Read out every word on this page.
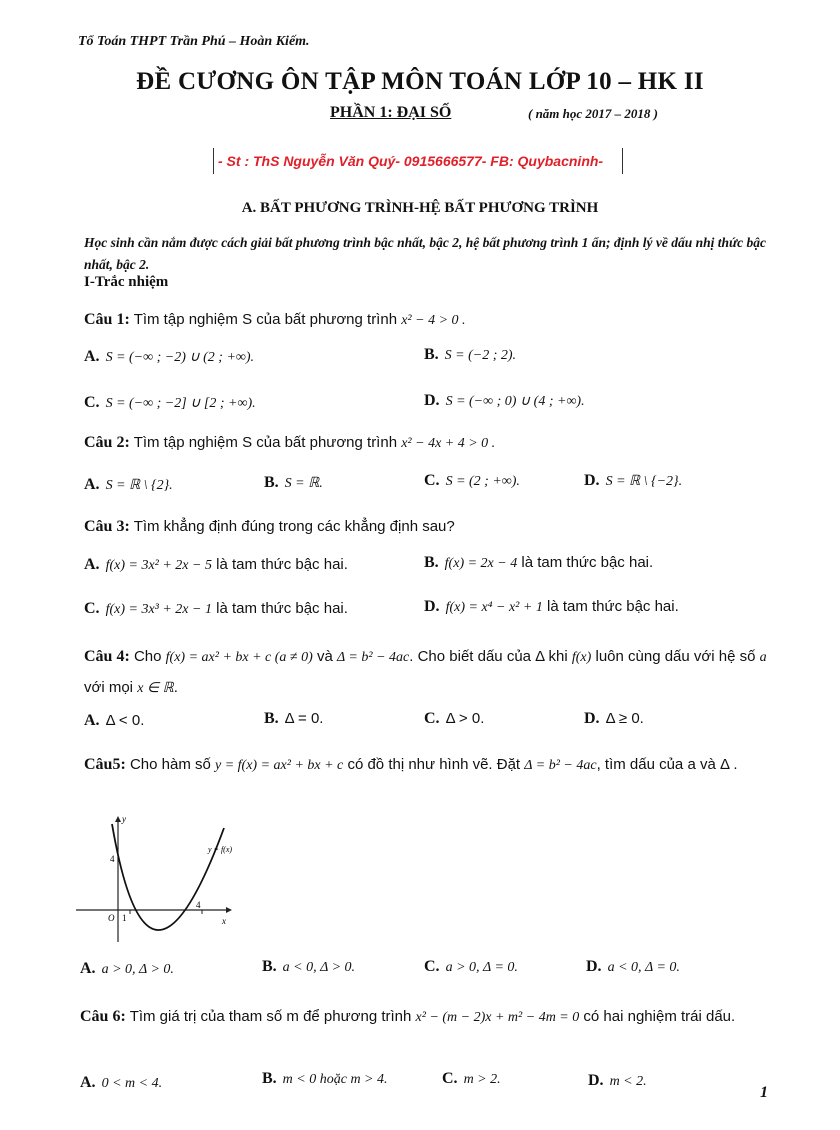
Tổ Toán THPT Trần Phú – Hoàn Kiếm.
ĐỀ CƯƠNG ÔN TẬP MÔN TOÁN LỚP 10 – HK II
PHẦN 1: ĐẠI SỐ	( năm học 2017 – 2018 )
- St : ThS Nguyễn Văn Quý- 0915666577- FB: Quybacninh-
A. BẤT PHƯƠNG TRÌNH-HỆ BẤT PHƯƠNG TRÌNH
Học sinh cần nắm được cách giải bất phương trình bậc nhất, bậc 2, hệ bất phương trình 1 ẩn; định lý về dấu nhị thức bậc nhất, bậc 2.
I-Trắc nhiệm
Câu 1: Tìm tập nghiệm S của bất phương trình x² − 4 > 0 .
A. S = (−∞ ; −2) ∪ (2 ; +∞).	B. S = (−2 ; 2).
C. S = (−∞ ; −2] ∪ [2 ; +∞).	D. S = (−∞ ; 0) ∪ (4 ; +∞).
Câu 2: Tìm tập nghiệm S của bất phương trình x² − 4x + 4 > 0 .
A. S = ℝ \ {2}.	B. S = ℝ.	C. S = (2 ; +∞).	D. S = ℝ \ {−2}.
Câu 3: Tìm khẳng định đúng trong các khẳng định sau?
A. f(x) = 3x² + 2x − 5 là tam thức bậc hai.	B. f(x) = 2x − 4 là tam thức bậc hai.
C. f(x) = 3x³ + 2x − 1 là tam thức bậc hai.	D. f(x) = x⁴ − x² + 1 là tam thức bậc hai.
Câu 4: Cho f(x) = ax² + bx + c (a ≠ 0) và Δ = b² − 4ac. Cho biết dấu của Δ khi f(x) luôn cùng dấu với hệ số a với mọi x ∈ ℝ.
A. Δ < 0.	B. Δ = 0.	C. Δ > 0.	D. Δ ≥ 0.
Câu5: Cho hàm số y = f(x) = ax² + bx + c có đồ thị như hình vẽ. Đặt Δ = b² − 4ac, tìm dấu của a và Δ .
y
x
y = f(x)
4
1
4
O
A. a > 0, Δ > 0.	B. a < 0, Δ > 0.	C. a > 0, Δ = 0.	D. a < 0, Δ = 0.
Câu 6: Tìm giá trị của tham số m để phương trình x² − (m − 2)x + m² − 4m = 0 có hai nghiệm trái dấu.
A. 0 < m < 4.	B. m < 0 hoặc m > 4.	C. m > 2.	D. m < 2.
1
